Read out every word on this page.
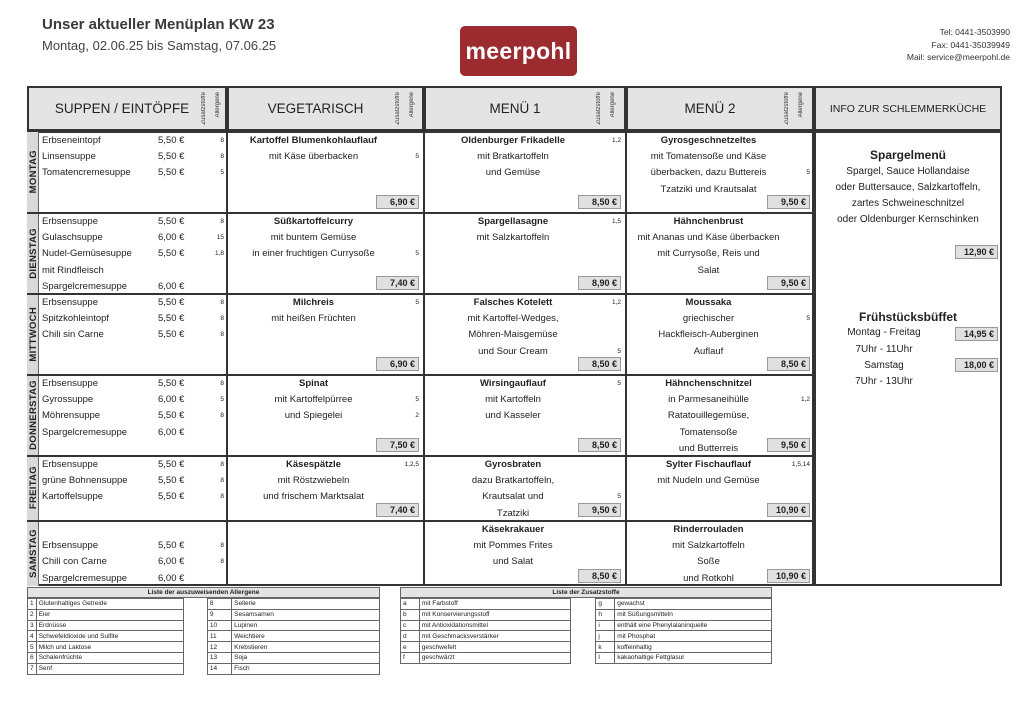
Unser aktueller Menüplan KW 23
Montag, 02.06.25 bis Samstag, 07.06.25	meerpohl
Tel: 0441-3503990
Fax: 0441-35039949
Mail: service@meerpohl.de
SUPPEN / EINTÖPFE Zusatzstoffe Allergene	VEGETARISCH	Zusatzstoffe Allergene	MENÜ 1	Zusatzstoffe Allergene	MENÜ 2	Zusatzstoffe Allergene INFO ZUR SCHLEMMERKÜCHE
MONTAG
Erbseneintopf	5,50 €	8
Linsensuppe	5,50 €	8
Tomatencremesuppe	5,50 €	5
Kartoffel Blumenkohlauflauf
mit Käse überbacken	5
6,90 €
Oldenburger Frikadelle	1,2
mit Bratkartoffeln
und Gemüse
8,50 €
Gyrosgeschnetzeltes
mit Tomatensoße und Käse
überbacken, dazu Buttereis	5
Tzatziki und Krautsalat
9,50 €
DIENSTAG
Erbsensuppe	5,50 €	8
Gulaschsuppe	6,00 €	15
Nudel-Gemüsesuppe	5,50 €	1,8
mit Rindfleisch
Spargelcremesuppe	6,00 €
Süßkartoffelcurry
mit buntem Gemüse
in einer fruchtigen Currysoße	5
7,40 €
Spargellasagne	1,5
mit Salzkartoffeln
8,90 €
Hähnchenbrust
mit Ananas und Käse überbacken
mit Currysoße, Reis und
Salat
9,50 €
MITTWOCH
Erbsensuppe	5,50 €	8
Spitzkohleintopf	5,50 €	8
Chili sin Carne	5,50 €	8
Milchreis	5
mit heißen Früchten
6,90 €
Falsches Kotelett	1,2
mit Kartoffel-Wedges,
Möhren-Maisgemüse
und Sour Cream	5
8,50 €
Moussaka
griechischer	5
Hackfleisch-Auberginen
Auflauf
8,50 €
DONNERSTAG Erbsensuppe	5,50 €	8
Gyrossuppe	6,00 €	5
Möhrensuppe	5,50 €	8
Spargelcremesuppe	6,00 €
Spinat
mit Kartoffelpürree	5
und Spiegelei	2
7,50 €
Wirsingauflauf	5
mit Kartoffeln
und Kasseler
8,50 €
Hähnchenschnitzel
in Parmesaneihülle	1,2
Ratatouillegemüse,
Tomatensoße
und Butterreis	9,50 €
FREITAG
Erbsensuppe	5,50 €	8
grüne Bohnensuppe	5,50 €	8
Kartoffelsuppe	5,50 €	8
Käsespätzle	1,2,5
mit Röstzwiebeln
und frischem Marktsalat
7,40 €
Gyrosbraten
dazu Bratkartoffeln,
Krautsalat und	5
Tzatziki	9,50 €
Sylter Fischauflauf	1,5,14
mit Nudeln und Gemüse
10,90 €
SAMSTAG Erbsensuppe	5,50 €	8
Chili con Carne	6,00 €	8
Spargelcremesuppe	6,00 €
Käsekrakauer
mit Pommes Frites
und Salat
8,50 €
Rinderrouladen
mit Salzkartoffeln
Soße
und Rotkohl	10,90 €
Spargelmenü
Spargel, Sauce Hollandaise
oder Buttersauce, Salzkartoffeln,
zartes Schweineschnitzel
oder Oldenburger Kernschinken
12,90 €
Frühstücksbüffet
Montag - Freitag	14,95 €
7Uhr - 11Uhr
Samstag	18,00 €
7Uhr - 13Uhr
Liste der auszuweisenden Allergene
1	Glutenhaltiges Getreide		8	Sellerie
2	Eier		9	Sesamsamen
3	Erdnüsse		10	Lupinen
4	Schwefeldioxide und Sulfite		11	Weichtiere
5	Milch und Laktose		12	Krebstieren
6	Schalenfrüchte		13	Soja
7	Senf		14	Fisch
Liste der Zusatzstoffe
a	mit Farbstoff		g	gewachst
b	mit Konservierungsstoff		h	mit Süßungsmitteln
c	mit Antioxidationsmittel		i	enthält eine Phenylalaninquelle
d	mit Geschmacksverstärker		j	mit Phosphat
e	geschwefelt		k	koffeinhaltig
f	geschwärzt		l	kakaohaltige Fettglasur
